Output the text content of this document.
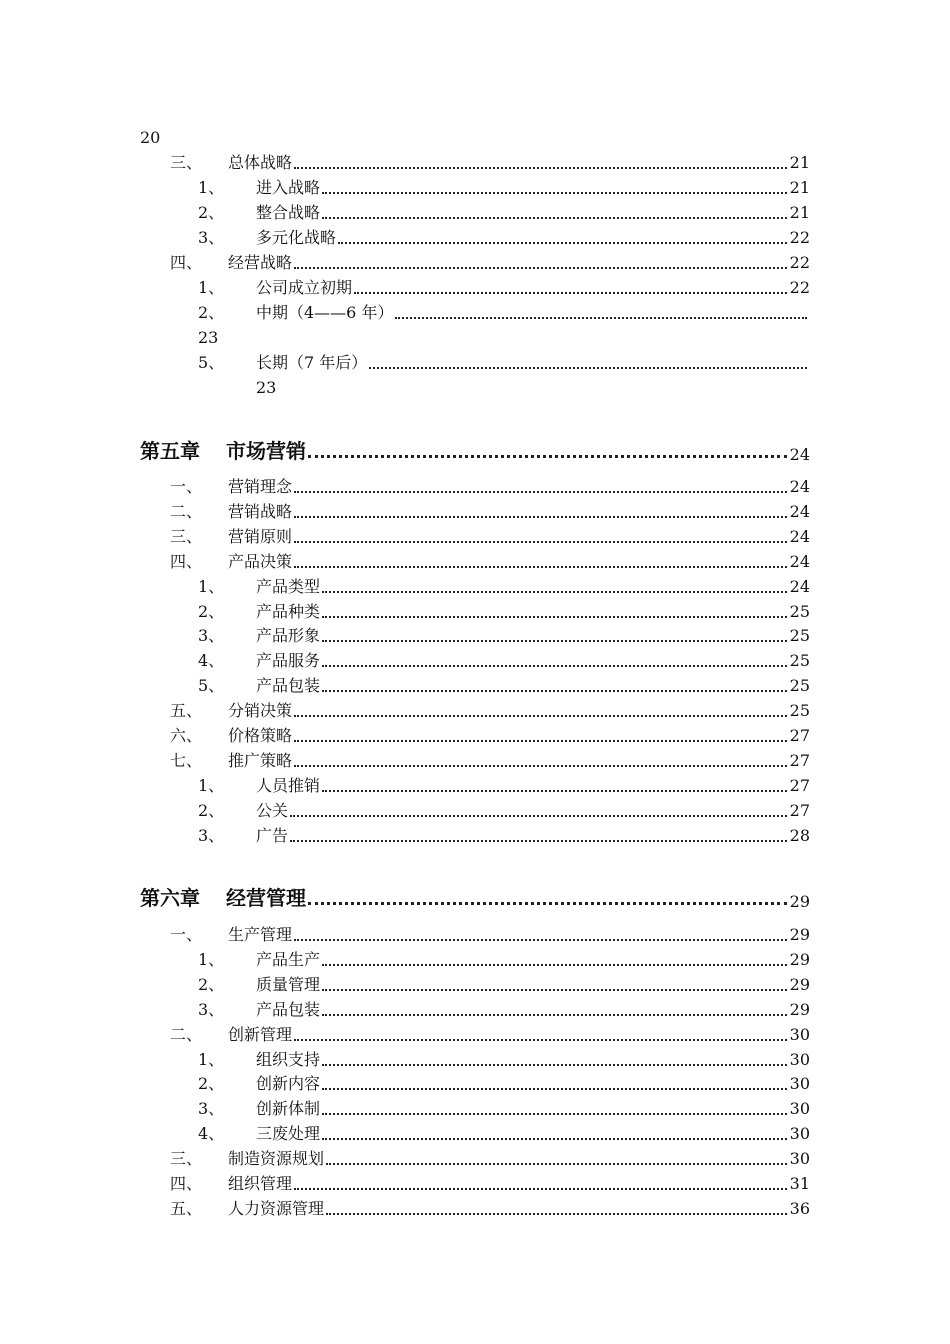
20
三、	总体战略	21
1、	进入战略	21
2、	整合战略	21
3、	多元化战略	22
四、	经营战略	22
1、	公司成立初期	22
2、	中期（4——6 年）
23
5、	长期（7 年后）
23
第五章 市场营销	24
一、	营销理念	24
二、	营销战略	24
三、	营销原则	24
四、	产品决策	24
1、	产品类型	24
2、	产品种类	25
3、	产品形象	25
4、	产品服务	25
5、	产品包装	25
五、	分销决策	25
六、	价格策略	27
七、	推广策略	27
1、	人员推销	27
2、	公关	27
3、	广告	28
第六章 经营管理	29
一、	生产管理	29
1、	产品生产	29
2、	质量管理	29
3、	产品包装	29
二、	创新管理	30
1、	组织支持	30
2、	创新内容	30
3、	创新体制	30
4、	三废处理	30
三、	制造资源规划	30
四、	组织管理	31
五、	人力资源管理	36
